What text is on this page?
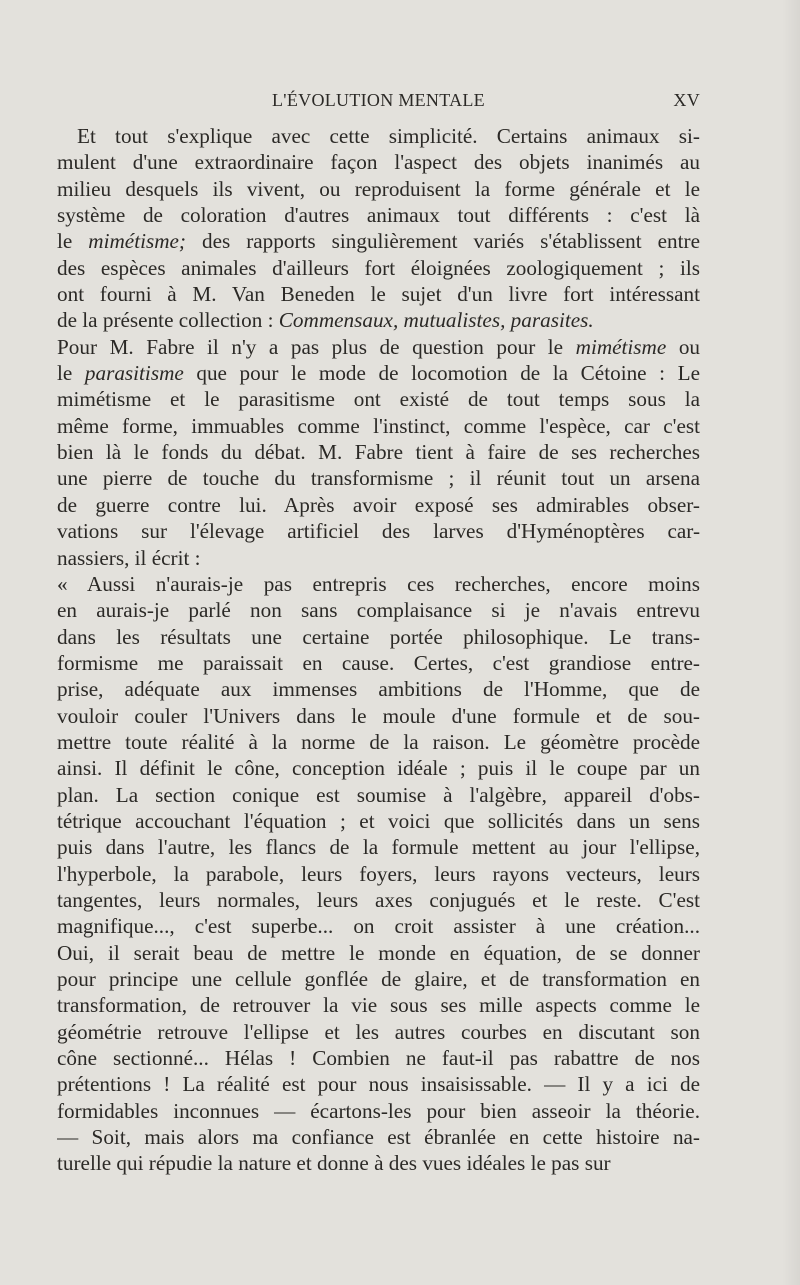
L'ÉVOLUTION MENTALE	XV
Et tout s'explique avec cette simplicité. Certains animaux si-
mulent d'une extraordinaire façon l'aspect des objets inanimés au
milieu desquels ils vivent, ou reproduisent la forme générale et le
système de coloration d'autres animaux tout différents : c'est là
le mimétisme; des rapports singulièrement variés s'établissent entre
des espèces animales d'ailleurs fort éloignées zoologiquement ; ils
ont fourni à M. Van Beneden le sujet d'un livre fort intéressant
de la présente collection : Commensaux, mutualistes, parasites.
Pour M. Fabre il n'y a pas plus de question pour le mimétisme ou
le parasitisme que pour le mode de locomotion de la Cétoine : Le
mimétisme et le parasitisme ont existé de tout temps sous la
même forme, immuables comme l'instinct, comme l'espèce, car c'est
bien là le fonds du débat. M. Fabre tient à faire de ses recherches
une pierre de touche du transformisme ; il réunit tout un arsena
de guerre contre lui. Après avoir exposé ses admirables obser-
vations sur l'élevage artificiel des larves d'Hyménoptères car-
nassiers, il écrit :
« Aussi n'aurais-je pas entrepris ces recherches, encore moins
en aurais-je parlé non sans complaisance si je n'avais entrevu
dans les résultats une certaine portée philosophique. Le trans-
formisme me paraissait en cause. Certes, c'est grandiose entre-
prise, adéquate aux immenses ambitions de l'Homme, que de
vouloir couler l'Univers dans le moule d'une formule et de sou-
mettre toute réalité à la norme de la raison. Le géomètre procède
ainsi. Il définit le cône, conception idéale ; puis il le coupe par un
plan. La section conique est soumise à l'algèbre, appareil d'obs-
tétrique accouchant l'équation ; et voici que sollicités dans un sens
puis dans l'autre, les flancs de la formule mettent au jour l'ellipse,
l'hyperbole, la parabole, leurs foyers, leurs rayons vecteurs, leurs
tangentes, leurs normales, leurs axes conjugués et le reste. C'est
magnifique..., c'est superbe... on croit assister à une création...
Oui, il serait beau de mettre le monde en équation, de se donner
pour principe une cellule gonflée de glaire, et de transformation en
transformation, de retrouver la vie sous ses mille aspects comme le
géométrie retrouve l'ellipse et les autres courbes en discutant son
cône sectionné... Hélas ! Combien ne faut-il pas rabattre de nos
prétentions ! La réalité est pour nous insaisissable. — Il y a ici de
formidables inconnues — écartons-les pour bien asseoir la théorie.
— Soit, mais alors ma confiance est ébranlée en cette histoire na-
turelle qui répudie la nature et donne à des vues idéales le pas sur
